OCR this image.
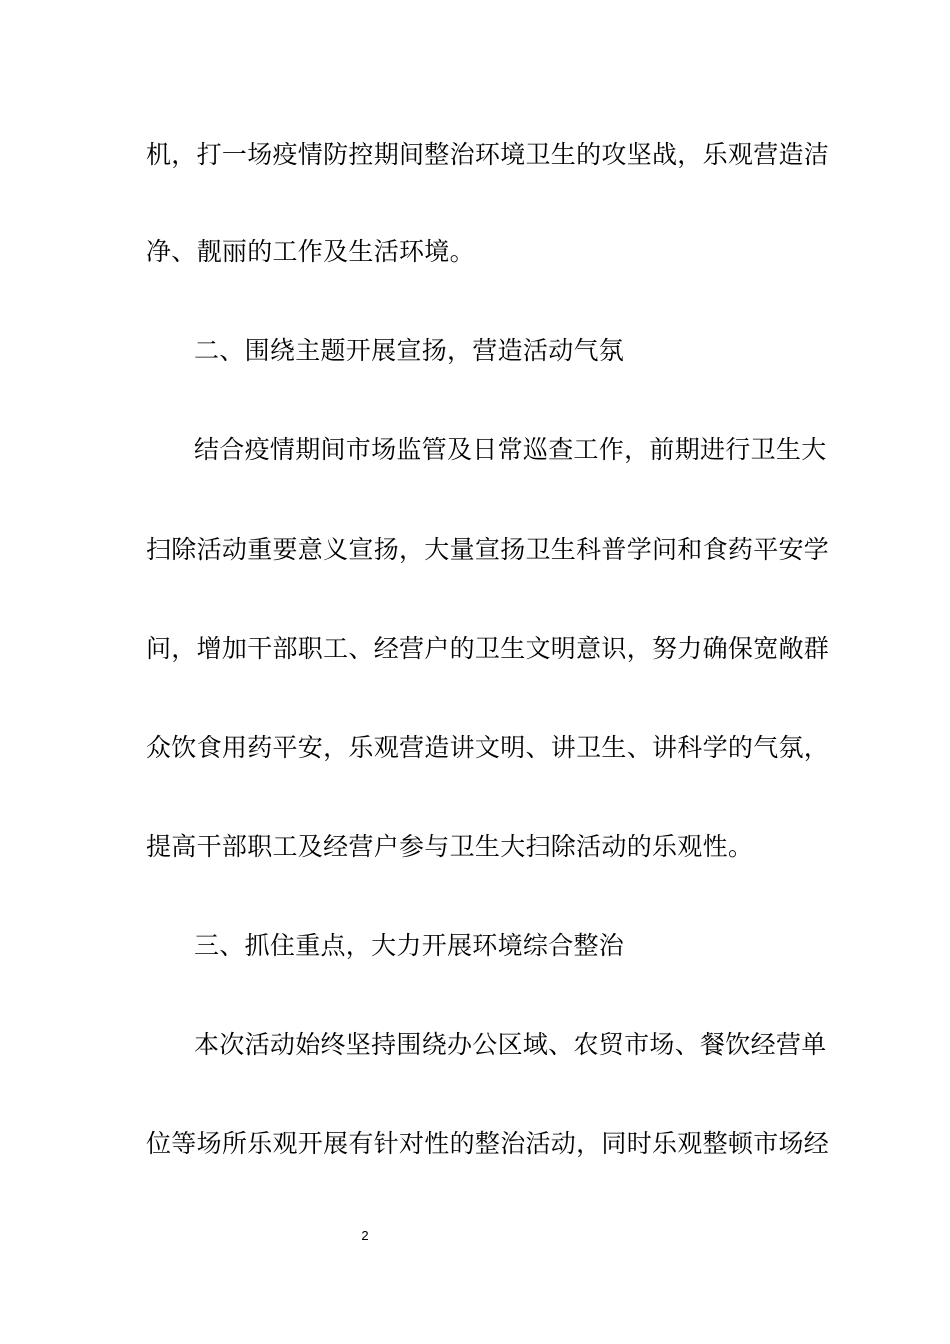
机，打一场疫情防控期间整治环境卫生的攻坚战，乐观营造洁
净、靓丽的工作及生活环境。
二、围绕主题开展宣扬，营造活动气氛
结合疫情期间市场监管及日常巡查工作，前期进行卫生大
扫除活动重要意义宣扬，大量宣扬卫生科普学问和食药平安学
问，增加干部职工、经营户的卫生文明意识，努力确保宽敞群
众饮食用药平安，乐观营造讲文明、讲卫生、讲科学的气氛，
提高干部职工及经营户参与卫生大扫除活动的乐观性。
三、抓住重点，大力开展环境综合整治
本次活动始终坚持围绕办公区域、农贸市场、餐饮经营单
位等场所乐观开展有针对性的整治活动，同时乐观整顿市场经
2
